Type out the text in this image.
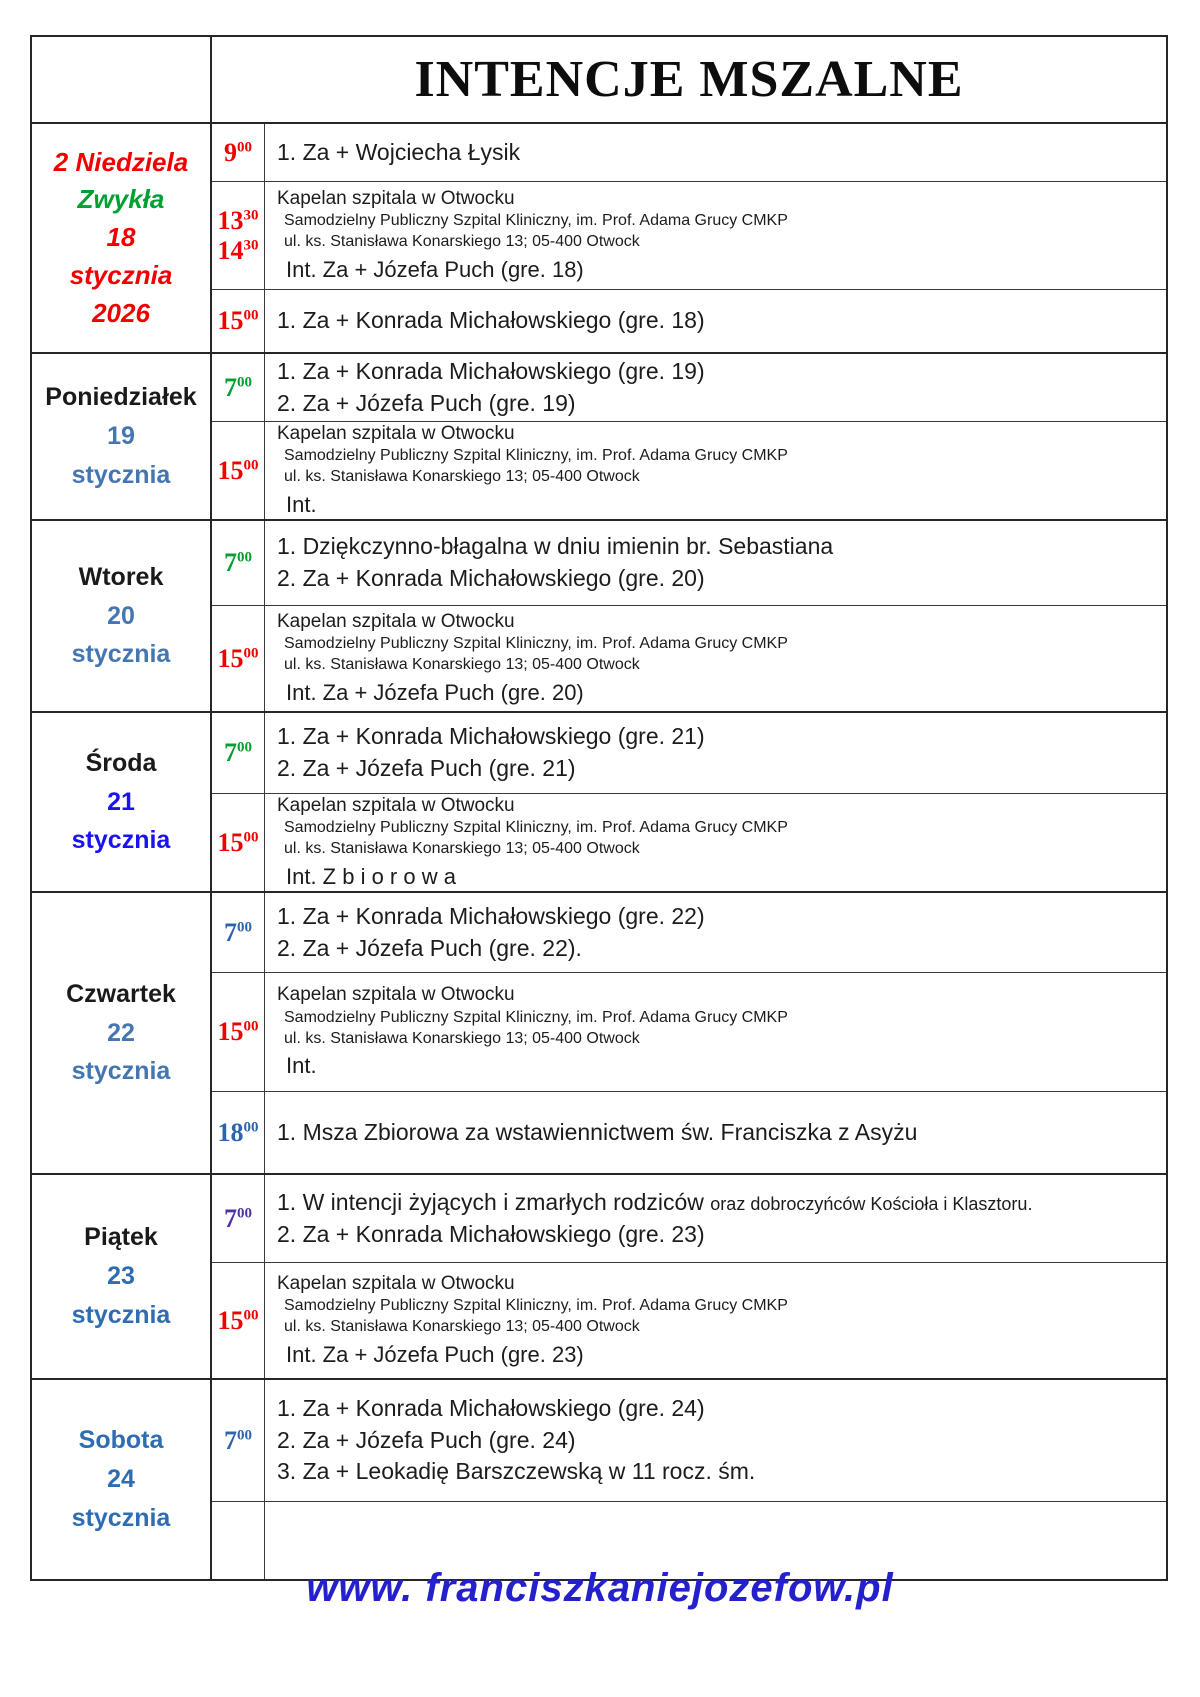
INTENCJE MSZALNE
2 Niedziela
Zwykła
18
stycznia
2026
$9^{00}$ 1. Za + Wojciecha Łysik
$13^{30}$
$14^{30}$
Kapelan szpitala w Otwocku
Samodzielny Publiczny Szpital Kliniczny, im. Prof. Adama Grucy CMKP
ul. ks. Stanisława Konarskiego 13; 05-400 Otwock
Int. Za + Józefa Puch (gre. 18)
$15^{00}$ 1. Za + Konrada Michałowskiego (gre. 18)
Poniedziałek
19
stycznia
$7^{00}$ 1. Za + Konrada Michałowskiego (gre. 19)
2. Za + Józefa Puch (gre. 19)
$15^{00}$
Kapelan szpitala w Otwocku
Samodzielny Publiczny Szpital Kliniczny, im. Prof. Adama Grucy CMKP
ul. ks. Stanisława Konarskiego 13; 05-400 Otwock
Int.
Wtorek
20
stycznia
$7^{00}$ 1. Dziękczynno-błagalna w dniu imienin br. Sebastiana
2. Za + Konrada Michałowskiego (gre. 20)
$15^{00}$
Kapelan szpitala w Otwocku
Samodzielny Publiczny Szpital Kliniczny, im. Prof. Adama Grucy CMKP
ul. ks. Stanisława Konarskiego 13; 05-400 Otwock
Int. Za + Józefa Puch (gre. 20)
Środa
21
stycznia
$7^{00}$ 1. Za + Konrada Michałowskiego (gre. 21)
2. Za + Józefa Puch (gre. 21)
$15^{00}$
Kapelan szpitala w Otwocku
Samodzielny Publiczny Szpital Kliniczny, im. Prof. Adama Grucy CMKP
ul. ks. Stanisława Konarskiego 13; 05-400 Otwock
Int. Z b i o r o w a
Czwartek
22
stycznia
$7^{00}$ 1. Za + Konrada Michałowskiego (gre. 22)
2. Za + Józefa Puch (gre. 22).
$15^{00}$
Kapelan szpitala w Otwocku
Samodzielny Publiczny Szpital Kliniczny, im. Prof. Adama Grucy CMKP
ul. ks. Stanisława Konarskiego 13; 05-400 Otwock
Int.
$18^{00}$ 1. Msza Zbiorowa za wstawiennictwem św. Franciszka z Asyżu
Piątek
23
stycznia
$7^{00}$ 1. W intencji żyjących i zmarłych rodziców oraz dobroczyńców Kościoła i Klasztoru.
2. Za + Konrada Michałowskiego (gre. 23)
$15^{00}$
Kapelan szpitala w Otwocku
Samodzielny Publiczny Szpital Kliniczny, im. Prof. Adama Grucy CMKP
ul. ks. Stanisława Konarskiego 13; 05-400 Otwock
Int. Za + Józefa Puch (gre. 23)
Sobota
24
stycznia
$7^{00}$
1. Za + Konrada Michałowskiego (gre. 24)
2. Za + Józefa Puch (gre. 24)
3. Za + Leokadię Barszczewską w 11 rocz. śm.
www. franciszkaniejozefow.pl
